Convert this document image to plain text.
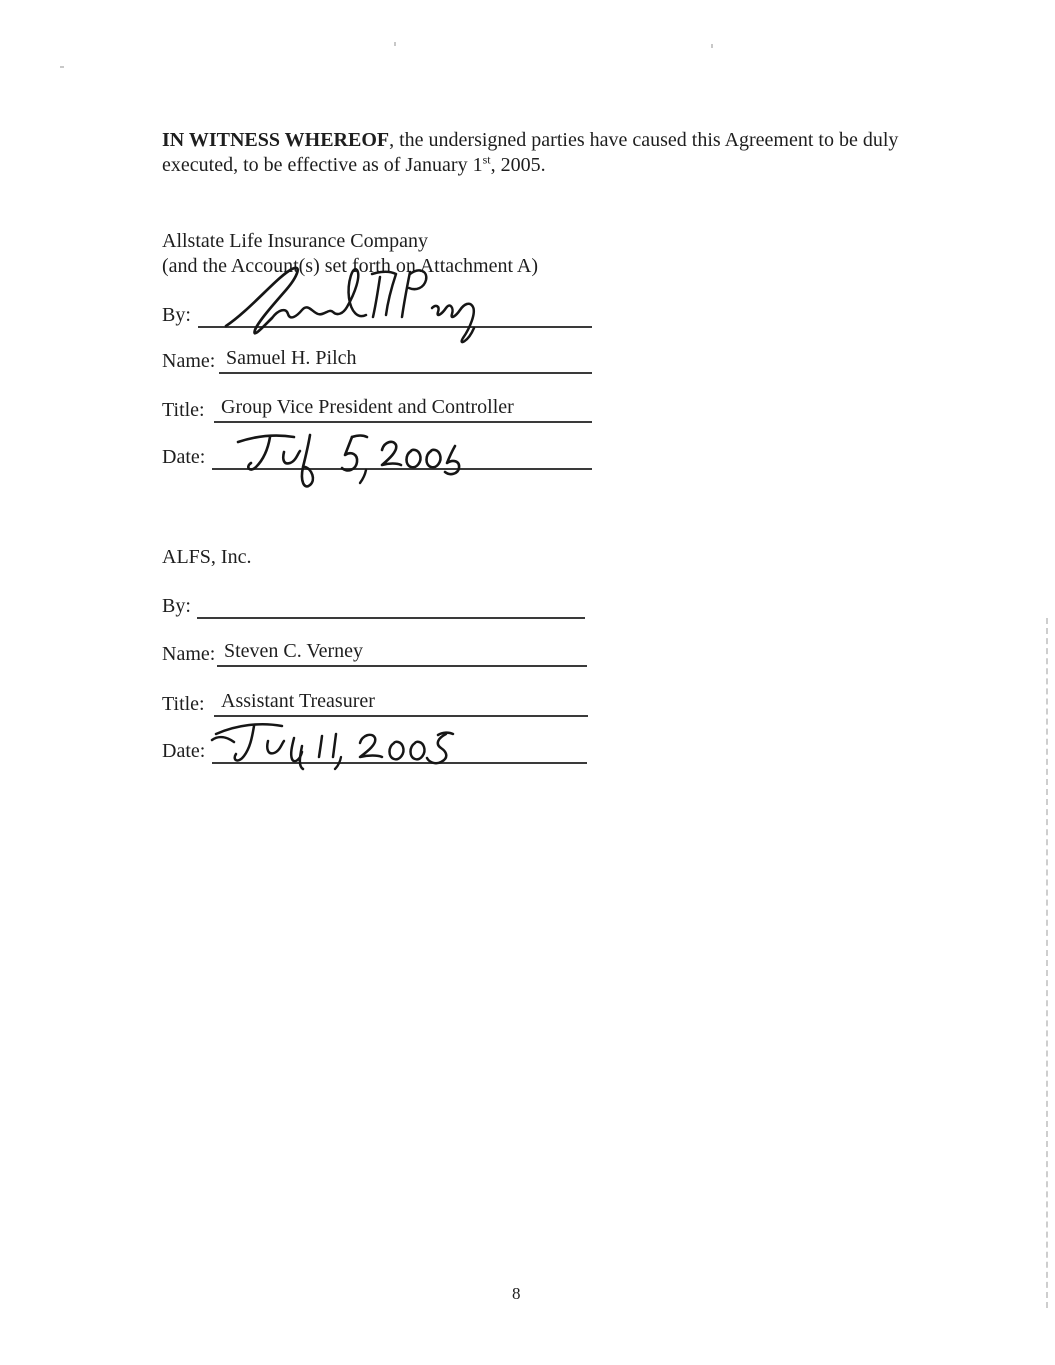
IN WITNESS WHEREOF, the undersigned parties have caused this Agreement to be duly executed, to be effective as of January 1st, 2005.

Allstate Life Insurance Company
(and the Account(s) set forth on Attachment A)
By:
Name: Samuel H. Pilch
Title: Group Vice President and Controller
Date:
ALFS, Inc.
By:
Name: Steven C. Verney
Title: Assistant Treasurer
Date:
8
